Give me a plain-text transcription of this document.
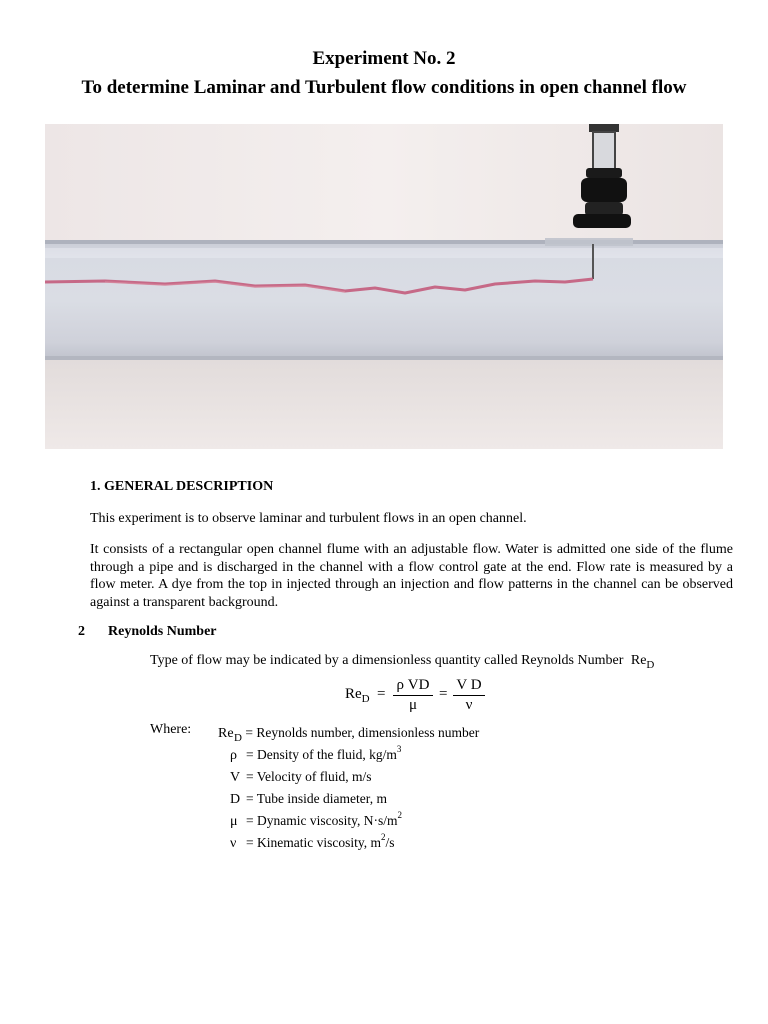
Experiment No. 2
To determine Laminar and Turbulent flow conditions in open channel flow
1. GENERAL DESCRIPTION

This experiment is to observe laminar and turbulent flows in an open channel.

It consists of a rectangular open channel flume with an adjustable flow. Water is admitted one side of the flume through a pipe and is discharged in the channel with a flow control gate at the end. Flow rate is measured by a flow meter. A dye from the top in injected through an injection and flow patterns in the channel can be observed against a transparent background.

2 Reynolds Number
Type of flow may be indicated by a dimensionless quantity called Reynolds Number $Re_D$
$Re_D = \frac{\text{ρ VD}}{\mu} = \frac{\text{V D}}{\nu}$
Where: $Re_D$ = Reynolds number, dimensionless number
ρ = Density of the fluid, $kg/m^3$
V = Velocity of fluid, m/s
D = Tube inside diameter, m
μ = Dynamic viscosity, $N\cdot s/m^2$
ν = Kinematic viscosity, $m^2/s$
